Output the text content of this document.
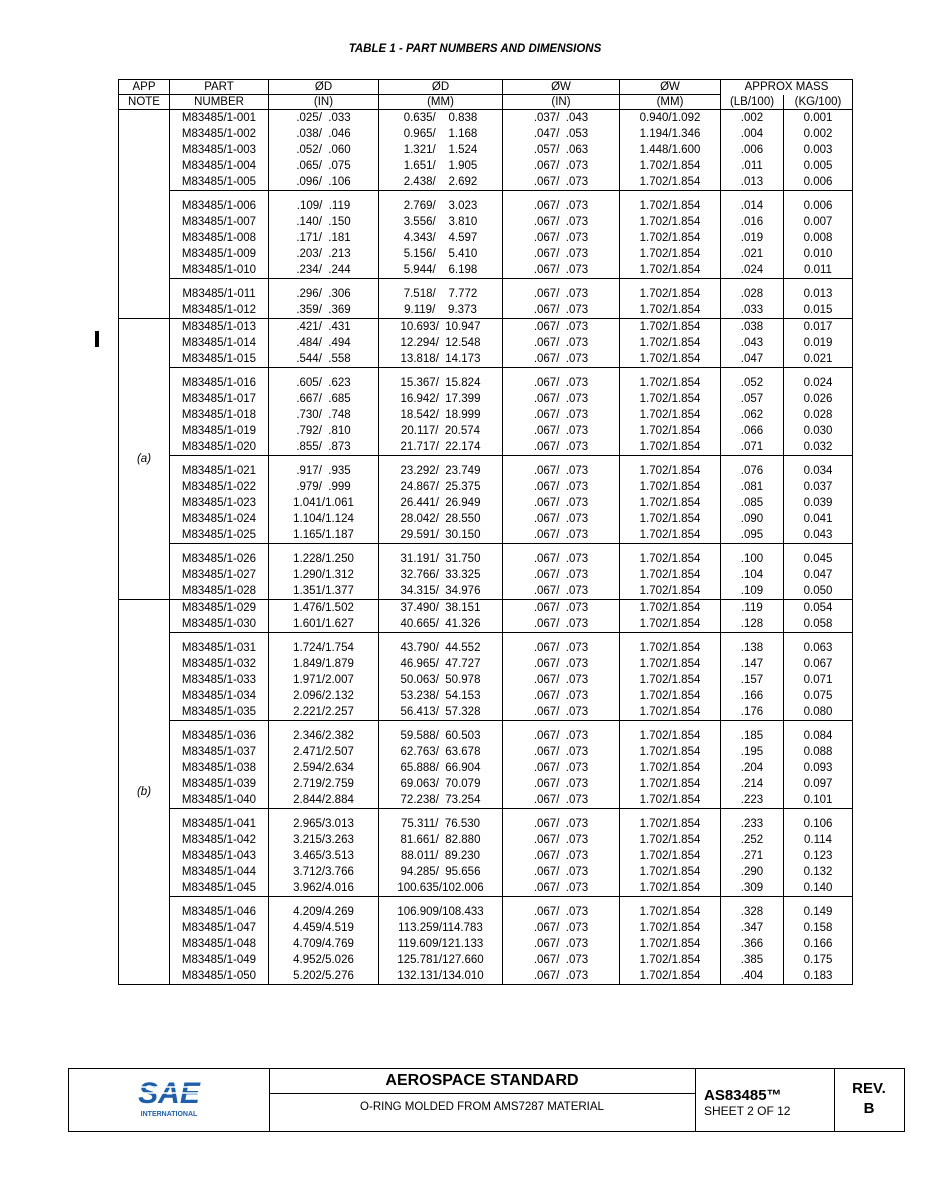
TABLE 1 - PART NUMBERS AND DIMENSIONS
APP	PART	ØD	ØD	ØW	ØW	APPROX MASS	
NOTE	NUMBER	(IN)	(MM)	(IN)	(MM)	(LB/100)	(KG/100)
	M83485/1-001	.025/  .033	0.635/    0.838	.037/  .043	0.940/1.092	.002	0.001
	M83485/1-002	.038/  .046	0.965/    1.168	.047/  .053	1.194/1.346	.004	0.002
	M83485/1-003	.052/  .060	1.321/    1.524	.057/  .063	1.448/1.600	.006	0.003
	M83485/1-004	.065/  .075	1.651/    1.905	.067/  .073	1.702/1.854	.011	0.005
	M83485/1-005	.096/  .106	2.438/    2.692	.067/  .073	1.702/1.854	.013	0.006

	M83485/1-006	.109/  .119	2.769/    3.023	.067/  .073	1.702/1.854	.014	0.006
	M83485/1-007	.140/  .150	3.556/    3.810	.067/  .073	1.702/1.854	.016	0.007
	M83485/1-008	.171/  .181	4.343/    4.597	.067/  .073	1.702/1.854	.019	0.008
	M83485/1-009	.203/  .213	5.156/    5.410	.067/  .073	1.702/1.854	.021	0.010
	M83485/1-010	.234/  .244	5.944/    6.198	.067/  .073	1.702/1.854	.024	0.011

	M83485/1-011	.296/  .306	7.518/    7.772	.067/  .073	1.702/1.854	.028	0.013
	M83485/1-012	.359/  .369	9.119/    9.373	.067/  .073	1.702/1.854	.033	0.015
(a)	M83485/1-013	.421/  .431	10.693/  10.947	.067/  .073	1.702/1.854	.038	0.017
	M83485/1-014	.484/  .494	12.294/  12.548	.067/  .073	1.702/1.854	.043	0.019
	M83485/1-015	.544/  .558	13.818/  14.173	.067/  .073	1.702/1.854	.047	0.021

	M83485/1-016	.605/  .623	15.367/  15.824	.067/  .073	1.702/1.854	.052	0.024
	M83485/1-017	.667/  .685	16.942/  17.399	.067/  .073	1.702/1.854	.057	0.026
	M83485/1-018	.730/  .748	18.542/  18.999	.067/  .073	1.702/1.854	.062	0.028
	M83485/1-019	.792/  .810	20.117/  20.574	.067/  .073	1.702/1.854	.066	0.030
	M83485/1-020	.855/  .873	21.717/  22.174	.067/  .073	1.702/1.854	.071	0.032

	M83485/1-021	.917/  .935	23.292/  23.749	.067/  .073	1.702/1.854	.076	0.034
	M83485/1-022	.979/  .999	24.867/  25.375	.067/  .073	1.702/1.854	.081	0.037
	M83485/1-023	1.041/1.061	26.441/  26.949	.067/  .073	1.702/1.854	.085	0.039
	M83485/1-024	1.104/1.124	28.042/  28.550	.067/  .073	1.702/1.854	.090	0.041
	M83485/1-025	1.165/1.187	29.591/  30.150	.067/  .073	1.702/1.854	.095	0.043

	M83485/1-026	1.228/1.250	31.191/  31.750	.067/  .073	1.702/1.854	.100	0.045
	M83485/1-027	1.290/1.312	32.766/  33.325	.067/  .073	1.702/1.854	.104	0.047
	M83485/1-028	1.351/1.377	34.315/  34.976	.067/  .073	1.702/1.854	.109	0.050
(b)	M83485/1-029	1.476/1.502	37.490/  38.151	.067/  .073	1.702/1.854	.119	0.054
	M83485/1-030	1.601/1.627	40.665/  41.326	.067/  .073	1.702/1.854	.128	0.058

	M83485/1-031	1.724/1.754	43.790/  44.552	.067/  .073	1.702/1.854	.138	0.063
	M83485/1-032	1.849/1.879	46.965/  47.727	.067/  .073	1.702/1.854	.147	0.067
	M83485/1-033	1.971/2.007	50.063/  50.978	.067/  .073	1.702/1.854	.157	0.071
	M83485/1-034	2.096/2.132	53.238/  54.153	.067/  .073	1.702/1.854	.166	0.075
	M83485/1-035	2.221/2.257	56.413/  57.328	.067/  .073	1.702/1.854	.176	0.080

	M83485/1-036	2.346/2.382	59.588/  60.503	.067/  .073	1.702/1.854	.185	0.084
	M83485/1-037	2.471/2.507	62.763/  63.678	.067/  .073	1.702/1.854	.195	0.088
	M83485/1-038	2.594/2.634	65.888/  66.904	.067/  .073	1.702/1.854	.204	0.093
	M83485/1-039	2.719/2.759	69.063/  70.079	.067/  .073	1.702/1.854	.214	0.097
	M83485/1-040	2.844/2.884	72.238/  73.254	.067/  .073	1.702/1.854	.223	0.101

	M83485/1-041	2.965/3.013	75.311/  76.530	.067/  .073	1.702/1.854	.233	0.106
	M83485/1-042	3.215/3.263	81.661/  82.880	.067/  .073	1.702/1.854	.252	0.114
	M83485/1-043	3.465/3.513	88.011/  89.230	.067/  .073	1.702/1.854	.271	0.123
	M83485/1-044	3.712/3.766	94.285/  95.656	.067/  .073	1.702/1.854	.290	0.132
	M83485/1-045	3.962/4.016	100.635/102.006	.067/  .073	1.702/1.854	.309	0.140

	M83485/1-046	4.209/4.269	106.909/108.433	.067/  .073	1.702/1.854	.328	0.149
	M83485/1-047	4.459/4.519	113.259/114.783	.067/  .073	1.702/1.854	.347	0.158
	M83485/1-048	4.709/4.769	119.609/121.133	.067/  .073	1.702/1.854	.366	0.166
	M83485/1-049	4.952/5.026	125.781/127.660	.067/  .073	1.702/1.854	.385	0.175
	M83485/1-050	5.202/5.276	132.131/134.010	.067/  .073	1.702/1.854	.404	0.183
SAE
INTERNATIONAL
AEROSPACE STANDARD
O-RING MOLDED FROM AMS7287 MATERIAL
AS83485™
SHEET 2 OF 12
REV.
B
